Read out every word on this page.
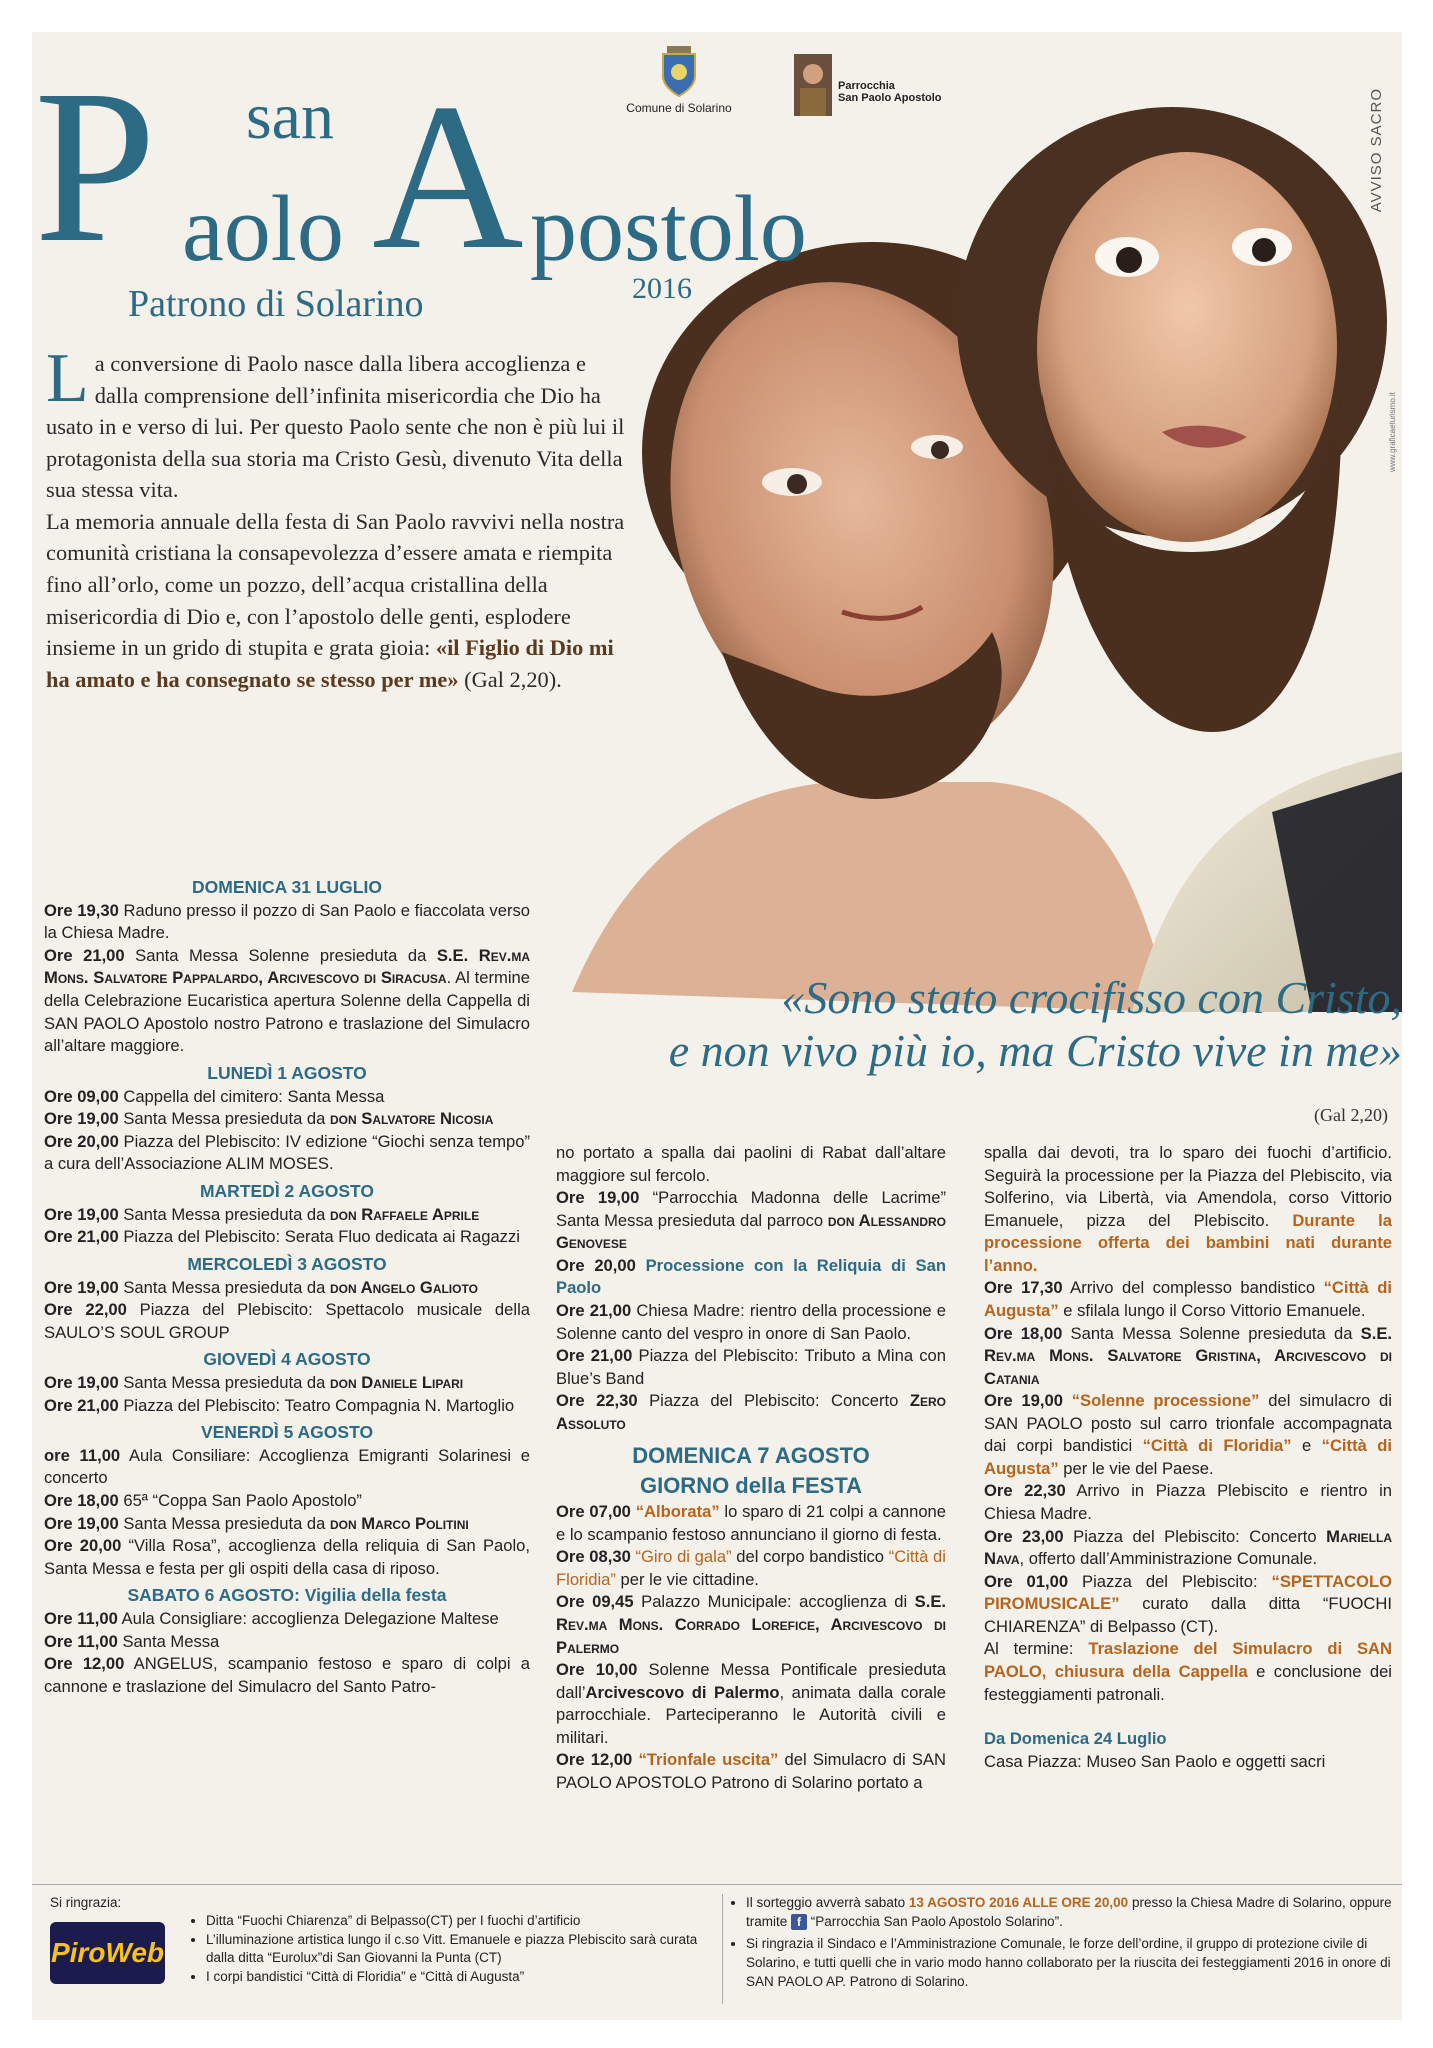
P san
aolo A postolo
2016
Patrono di Solarino
Comune di Solarino
Parrocchia
San Paolo Apostolo	AVVISO SACRO
www.graficaeturismo.it

La conversione di Paolo nasce dalla libera accoglienza e dalla comprensione dell’infinita misericordia che Dio ha usato in e verso di lui. Per questo Paolo sente che non è più lui il protagonista della sua storia ma Cristo Gesù, divenuto Vita della sua stessa vita.

La memoria annuale della festa di San Paolo ravvivi nella nostra comunità cristiana la consapevolezza d’essere amata e riempita fino all’orlo, come un pozzo, dell’acqua cristallina della misericordia di Dio e, con l’apostolo delle genti, esplodere insieme in un grido di stupita e grata gioia: «il Figlio di Dio mi ha amato e ha consegnato se stesso per me» (Gal 2,20).

«Sono stato crocifisso con Cristo,
e non vivo più io, ma Cristo vive in me»
(Gal 2,20)
DOMENICA 31 LUGLIO

Ore 19,30 Raduno presso il pozzo di San Paolo e fiaccolata verso la Chiesa Madre.

Ore 21,00 Santa Messa Solenne presieduta da S.E. Rev.ma Mons. Salvatore Pappalardo, Arcivescovo di Siracusa. Al termine della Celebrazione Eucaristica apertura Solenne della Cappella di SAN PAOLO Apostolo nostro Patrono e traslazione del Simulacro all’altare maggiore.

LUNEDÌ 1 AGOSTO

Ore 09,00 Cappella del cimitero: Santa Messa

Ore 19,00 Santa Messa presieduta da don Salvatore Nicosia

Ore 20,00 Piazza del Plebiscito: IV edizione “Giochi senza tempo” a cura dell’Associazione ALIM MOSES.

MARTEDÌ 2 AGOSTO

Ore 19,00 Santa Messa presieduta da don Raffaele Aprile

Ore 21,00 Piazza del Plebiscito: Serata Fluo dedicata ai Ragazzi

MERCOLEDÌ 3 AGOSTO

Ore 19,00 Santa Messa presieduta da don Angelo Galioto

Ore 22,00 Piazza del Plebiscito: Spettacolo musicale della SAULO’S SOUL GROUP

GIOVEDÌ 4 AGOSTO

Ore 19,00 Santa Messa presieduta da don Daniele Lipari

Ore 21,00 Piazza del Plebiscito: Teatro Compagnia N. Martoglio

VENERDÌ 5 AGOSTO

ore 11,00 Aula Consiliare: Accoglienza Emigranti Solarinesi e concerto

Ore 18,00 65ª “Coppa San Paolo Apostolo”

Ore 19,00 Santa Messa presieduta da don Marco Politini

Ore 20,00 “Villa Rosa”, accoglienza della reliquia di San Paolo, Santa Messa e festa per gli ospiti della casa di riposo.

SABATO 6 AGOSTO: Vigilia della festa

Ore 11,00 Aula Consigliare: accoglienza Delegazione Maltese

Ore 11,00 Santa Messa

Ore 12,00 ANGELUS, scampanio festoso e sparo di colpi a cannone e traslazione del Simulacro del Santo Patro-

no portato a spalla dai paolini di Rabat dall’altare maggiore sul fercolo.

Ore 19,00 “Parrocchia Madonna delle Lacrime” Santa Messa presieduta dal parroco don Alessandro Genovese

Ore 20,00 Processione con la Reliquia di San Paolo

Ore 21,00 Chiesa Madre: rientro della processione e Solenne canto del vespro in onore di San Paolo.

Ore 21,00 Piazza del Plebiscito: Tributo a Mina con Blue’s Band

Ore 22,30 Piazza del Plebiscito: Concerto Zero Assoluto

DOMENICA 7 AGOSTO
GIORNO della FESTA

Ore 07,00 “Alborata” lo sparo di 21 colpi a cannone e lo scampanio festoso annunciano il giorno di festa.

Ore 08,30 “Giro di gala” del corpo bandistico “Città di Floridia” per le vie cittadine.

Ore 09,45 Palazzo Municipale: accoglienza di S.E. Rev.ma Mons. Corrado Lorefice, Arcivescovo di Palermo

Ore 10,00 Solenne Messa Pontificale presieduta dall’Arcivescovo di Palermo, animata dalla corale parrocchiale. Parteciperanno le Autorità civili e militari.

Ore 12,00 “Trionfale uscita” del Simulacro di SAN PAOLO APOSTOLO Patrono di Solarino portato a

spalla dai devoti, tra lo sparo dei fuochi d’artificio. Seguirà la processione per la Piazza del Plebiscito, via Solferino, via Libertà, via Amendola, corso Vittorio Emanuele, pizza del Plebiscito. Durante la processione offerta dei bambini nati durante l’anno.

Ore 17,30 Arrivo del complesso bandistico “Città di Augusta” e sfilala lungo il Corso Vittorio Emanuele.

Ore 18,00 Santa Messa Solenne presieduta da S.E. Rev.ma Mons. Salvatore Gristina, Arcivescovo di Catania

Ore 19,00 “Solenne processione” del simulacro di SAN PAOLO posto sul carro trionfale accompagnata dai corpi bandistici “Città di Floridia” e “Città di Augusta” per le vie del Paese.

Ore 22,30 Arrivo in Piazza Plebiscito e rientro in Chiesa Madre.

Ore 23,00 Piazza del Plebiscito: Concerto Mariella Nava, offerto dall’Amministrazione Comunale.

Ore 01,00 Piazza del Plebiscito: “SPETTACOLO PIROMUSICALE” curato dalla ditta “FUOCHI CHIARENZA” di Belpasso (CT).

Al termine: Traslazione del Simulacro di SAN PAOLO, chiusura della Cappella e conclusione dei festeggiamenti patronali.

Da Domenica 24 Luglio

Casa Piazza: Museo San Paolo e oggetti sacri

Si ringrazia:
PiroWeb
• Ditta “Fuochi Chiarenza” di Belpasso(CT) per I fuochi d’artificio
• L’illuminazione artistica lungo il c.so Vitt. Emanuele e piazza Plebiscito sarà curata dalla ditta “Eurolux”di San Giovanni la Punta (CT)
• I corpi bandistici “Città di Floridia” e “Città di Augusta”
• Il sorteggio avverrà sabato 13 AGOSTO 2016 ALLE ORE 20,00 presso la Chiesa Madre di Solarino, oppure tramite f “Parrocchia San Paolo Apostolo Solarino”.
• Si ringrazia il Sindaco e l’Amministrazione Comunale, le forze dell’ordine, il gruppo di protezione civile di Solarino, e tutti quelli che in vario modo hanno collaborato per la riuscita dei festeggiamenti 2016 in onore di SAN PAOLO AP. Patrono di Solarino.
